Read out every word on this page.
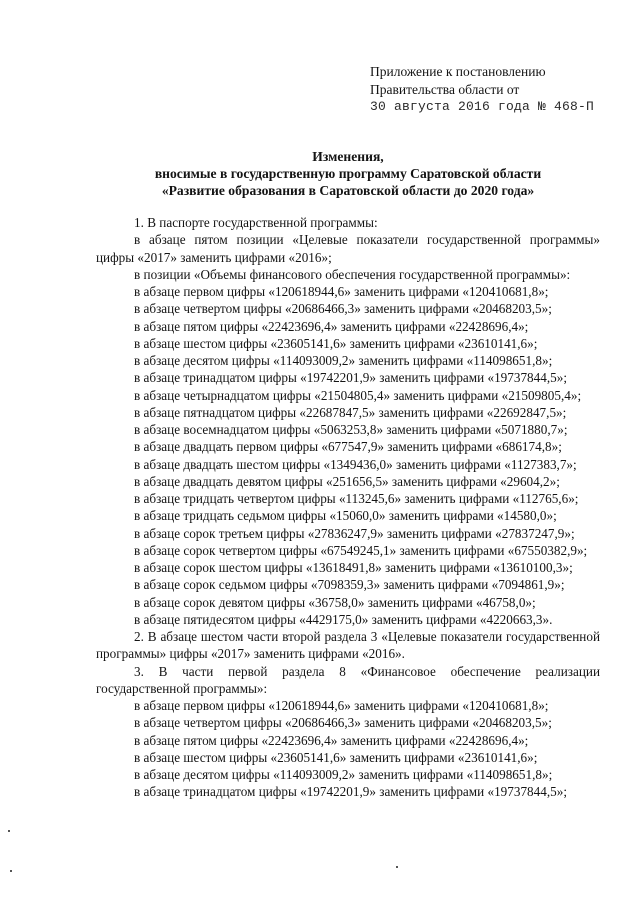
Приложение к постановлению
Правительства области от
30 августа 2016 года № 468-П
Изменения,
вносимые в государственную программу Саратовской области
«Развитие образования в Саратовской области до 2020 года»

1. В паспорте государственной программы:

в абзаце пятом позиции «Целевые показатели государственной программы» цифры «2017» заменить цифрами «2016»;

в позиции «Объемы финансового обеспечения государственной программы»:

в абзаце первом цифры «120618944,6» заменить цифрами «120410681,8»;

в абзаце четвертом цифры «20686466,3» заменить цифрами «20468203,5»;

в абзаце пятом цифры «22423696,4» заменить цифрами «22428696,4»;

в абзаце шестом цифры «23605141,6» заменить цифрами «23610141,6»;

в абзаце десятом цифры «114093009,2» заменить цифрами «114098651,8»;

в абзаце тринадцатом цифры «19742201,9» заменить цифрами «19737844,5»;

в абзаце четырнадцатом цифры «21504805,4» заменить цифрами «21509805,4»;

в абзаце пятнадцатом цифры «22687847,5» заменить цифрами «22692847,5»;

в абзаце восемнадцатом цифры «5063253,8» заменить цифрами «5071880,7»;

в абзаце двадцать первом цифры «677547,9» заменить цифрами «686174,8»;

в абзаце двадцать шестом цифры «1349436,0» заменить цифрами «1127383,7»;

в абзаце двадцать девятом цифры «251656,5» заменить цифрами «29604,2»;

в абзаце тридцать четвертом цифры «113245,6» заменить цифрами «112765,6»;

в абзаце тридцать седьмом цифры «15060,0» заменить цифрами «14580,0»;

в абзаце сорок третьем цифры «27836247,9» заменить цифрами «27837247,9»;

в абзаце сорок четвертом цифры «67549245,1» заменить цифрами «67550382,9»;

в абзаце сорок шестом цифры «13618491,8» заменить цифрами «13610100,3»;

в абзаце сорок седьмом цифры «7098359,3» заменить цифрами «7094861,9»;

в абзаце сорок девятом цифры «36758,0» заменить цифрами «46758,0»;

в абзаце пятидесятом цифры «4429175,0» заменить цифрами «4220663,3».

2. В абзаце шестом части второй раздела 3 «Целевые показатели государственной программы» цифры «2017» заменить цифрами «2016».

3. В части первой раздела 8 «Финансовое обеспечение реализации государственной программы»:

в абзаце первом цифры «120618944,6» заменить цифрами «120410681,8»;

в абзаце четвертом цифры «20686466,3» заменить цифрами «20468203,5»;

в абзаце пятом цифры «22423696,4» заменить цифрами «22428696,4»;

в абзаце шестом цифры «23605141,6» заменить цифрами «23610141,6»;

в абзаце десятом цифры «114093009,2» заменить цифрами «114098651,8»;

в абзаце тринадцатом цифры «19742201,9» заменить цифрами «19737844,5»;
